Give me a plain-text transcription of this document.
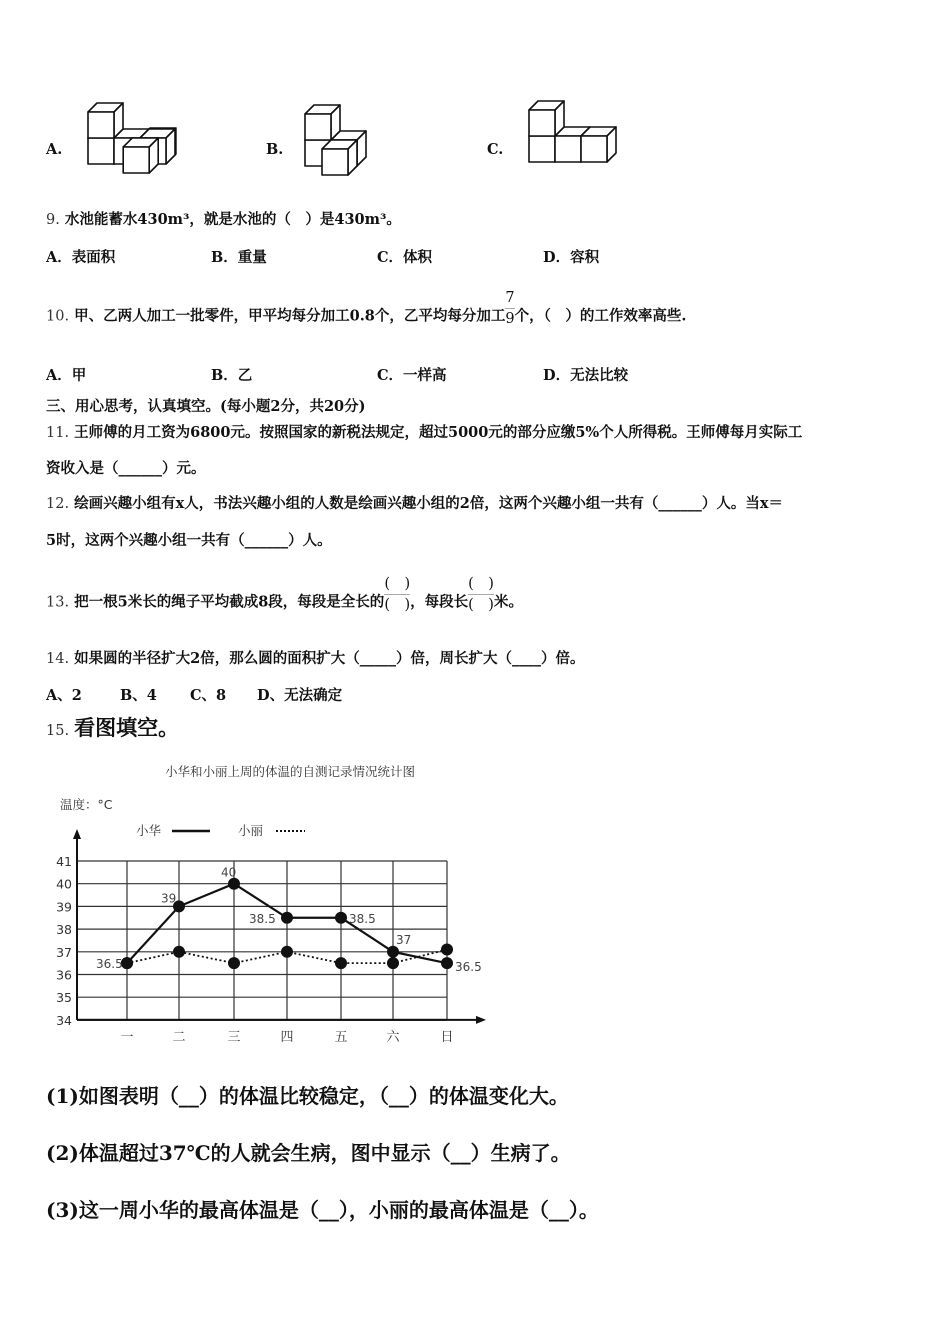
A.	B.	C.
9. 水池能蓄水430m³，就是水池的（　）是430m³。
A．表面积	B．重量	C．体积	D．容积
10. 甲、乙两人加工一批零件，甲平均每分加工0.8个，乙平均每分加工 $\frac{7}{9}$ 个，（　）的工作效率高些.
A．甲	B．乙	C．一样高	D．无法比较
三、用心思考，认真填空。(每小题2分，共20分)
11. 王师傅的月工资为6800元。按照国家的新税法规定，超过5000元的部分应缴5%个人所得税。王师傅每月实际工
资收入是（______）元。
12. 绘画兴趣小组有x人，书法兴趣小组的人数是绘画兴趣小组的2倍，这两个兴趣小组一共有（______）人。当x＝
5时，这两个兴趣小组一共有（______）人。
13. 把一根5米长的绳子平均截成8段，每段是全长的 $\frac{( )}{( )}$ ，每段长 $\frac{( )}{( )}$ 米。
14. 如果圆的半径扩大2倍，那么圆的面积扩大（_____）倍，周长扩大（____）倍。
A、2	B、4 C、8 D、无法确定
15. 看图填空。
小华和小丽上周的体温的自测记录情况统计图
温度：°C
小华	小丽
34
35
36
37
38
39
40
41
一	二	三	四	五	六	日
36.5
39
40
38.5	38.5
37
36.5
(1)如图表明（__）的体温比较稳定，（__）的体温变化大。
(2)体温超过37℃的人就会生病，图中显示（__）生病了。
(3)这一周小华的最高体温是（__），小丽的最高体温是（__）。
